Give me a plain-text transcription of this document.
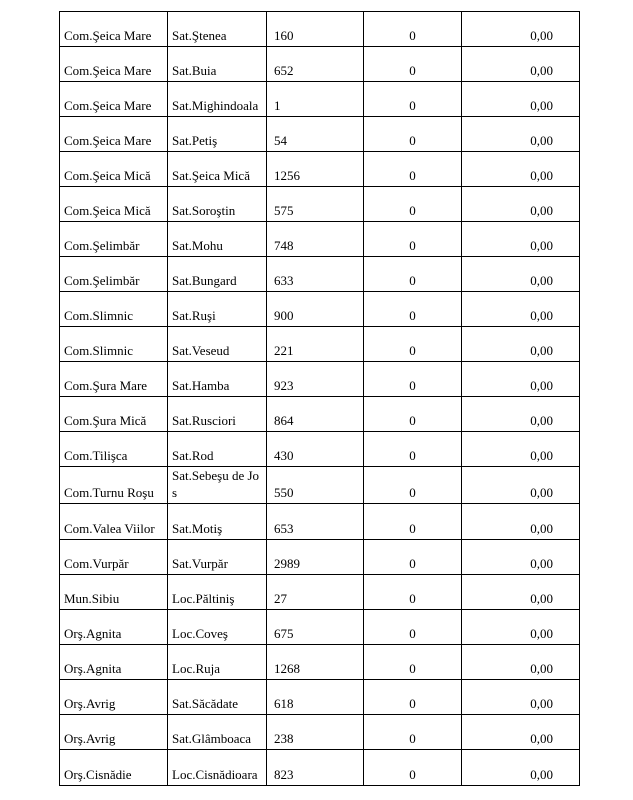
Com.Şeica Mare	Sat.Ştenea	160	0	0,00
Com.Şeica Mare	Sat.Buia	652	0	0,00
Com.Şeica Mare	Sat.Mighindoala	1	0	0,00
Com.Şeica Mare	Sat.Petiş	54	0	0,00
Com.Şeica Mică	Sat.Şeica Mică	1256	0	0,00
Com.Şeica Mică	Sat.Soroştin	575	0	0,00
Com.Şelimbăr	Sat.Mohu	748	0	0,00
Com.Şelimbăr	Sat.Bungard	633	0	0,00
Com.Slimnic	Sat.Ruşi	900	0	0,00
Com.Slimnic	Sat.Veseud	221	0	0,00
Com.Şura Mare	Sat.Hamba	923	0	0,00
Com.Şura Mică	Sat.Rusciori	864	0	0,00
Com.Tilişca	Sat.Rod	430	0	0,00
Com.Turnu Roşu	Sat.Sebeşu de Jos	550	0	0,00
Com.Valea Viilor	Sat.Motiş	653	0	0,00
Com.Vurpăr	Sat.Vurpăr	2989	0	0,00
Mun.Sibiu	Loc.Păltiniş	27	0	0,00
Orş.Agnita	Loc.Coveş	675	0	0,00
Orş.Agnita	Loc.Ruja	1268	0	0,00
Orş.Avrig	Sat.Săcădate	618	0	0,00
Orş.Avrig	Sat.Glâmboaca	238	0	0,00
Orş.Cisnădie	Loc.Cisnădioara	823	0	0,00
